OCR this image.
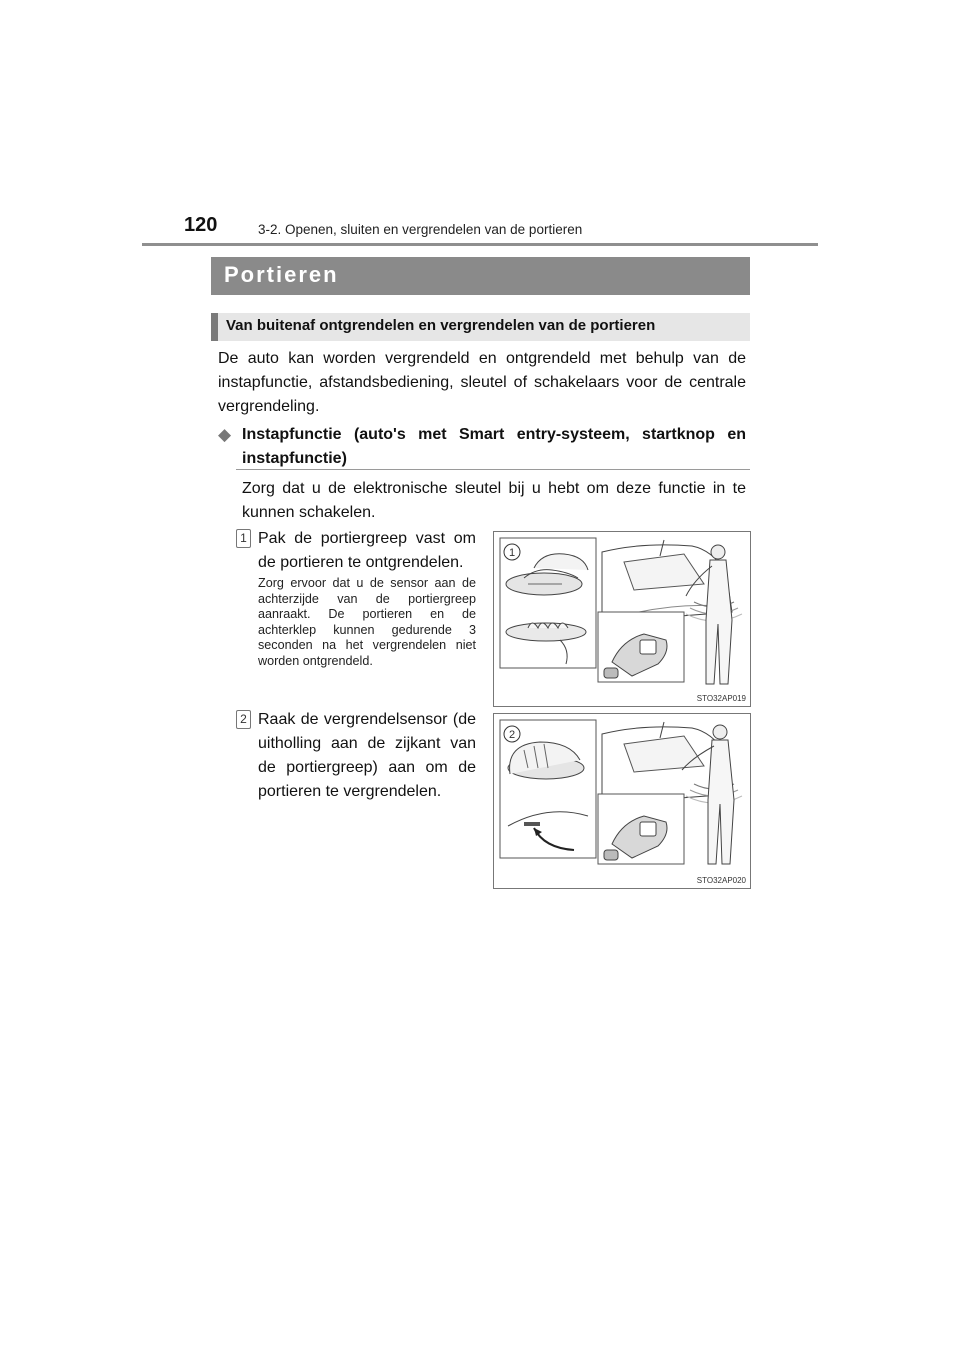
120	3-2. Openen, sluiten en vergrendelen van de portieren
Portieren
Van buitenaf ontgrendelen en vergrendelen van de portieren
De auto kan worden vergrendeld en ontgrendeld met behulp van de instapfunctie, afstandsbediening, sleutel of schakelaars voor de centrale vergrendeling.
◆ Instapfunctie (auto's met Smart entry-systeem, startknop en instapfunctie)
Zorg dat u de elektronische sleutel bij u hebt om deze functie in te kunnen schakelen.
1 Pak de portiergreep vast om de portieren te ontgrendelen.
Zorg ervoor dat u de sensor aan de achterzijde van de portiergreep aanraakt. De portieren en de achterklep kunnen gedurende 3 seconden na het vergrendelen niet worden ontgrendeld.
1
STO32AP019
2 Raak de vergrendelsensor (de uitholling aan de zijkant van de portiergreep) aan om de portieren te vergrendelen.
2
STO32AP020
